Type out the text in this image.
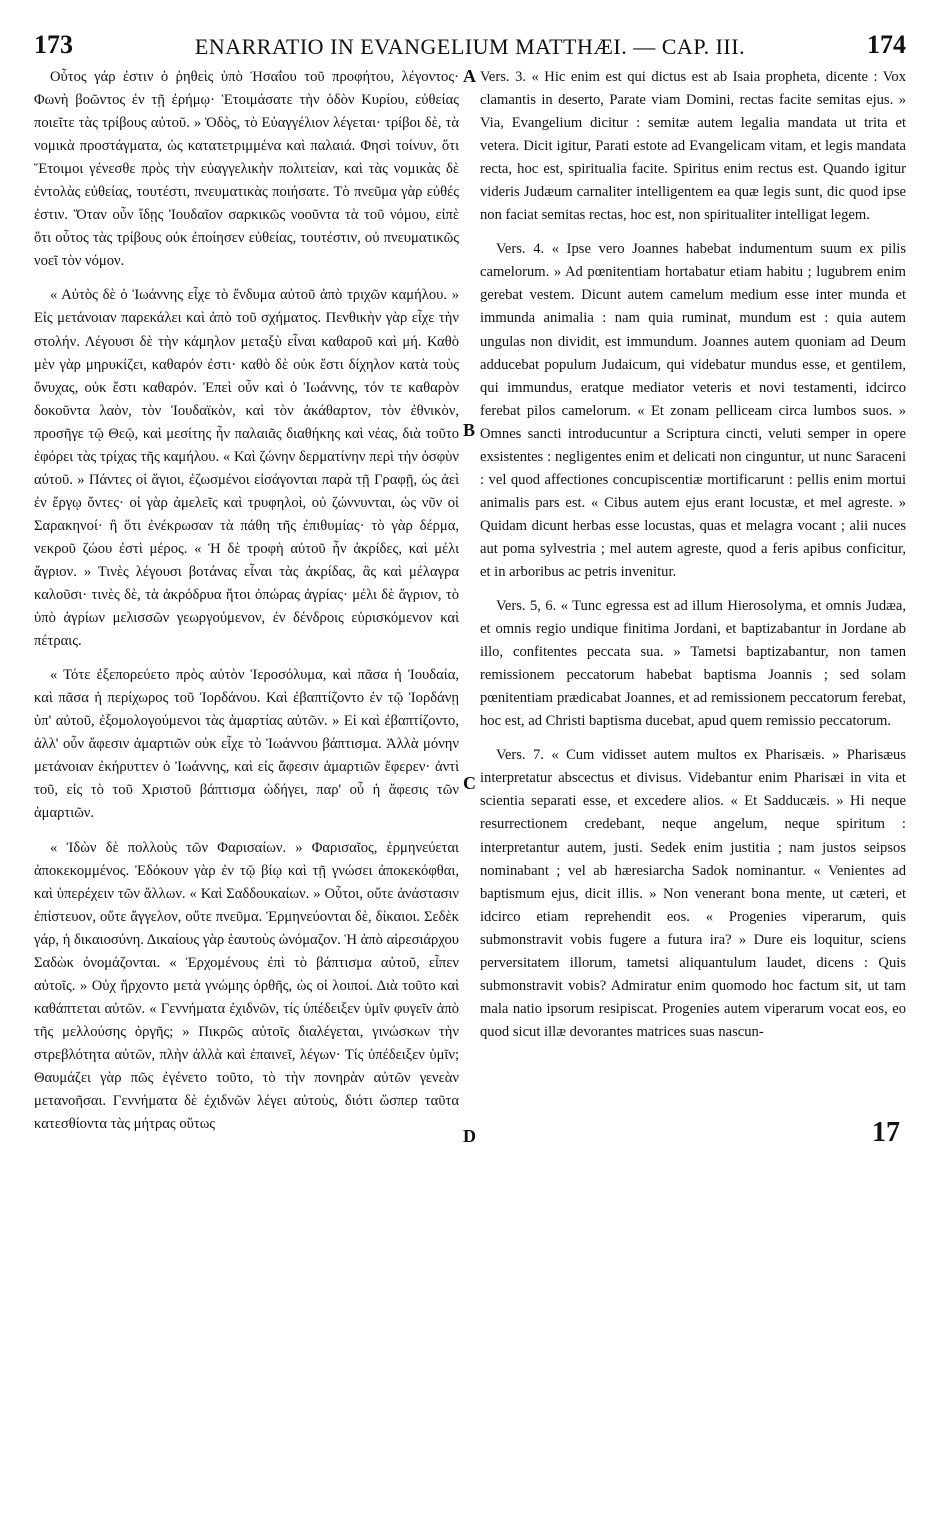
173	ENARRATIO IN EVANGELIUM MATTHÆI. — CAP. III.	174

Οὗτος γάρ ἐστιν ὁ ῥηθεὶς ὑπὸ Ἡσαΐου τοῦ προφήτου, λέγοντος· Φωνὴ βοῶντος ἐν τῇ ἐρήμῳ· Ἑτοιμάσατε τὴν ὁδὸν Κυρίου, εὐθείας ποιεῖτε τὰς τρίβους αὐτοῦ. » Ὁδὸς, τὸ Εὐαγγέλιον λέγεται· τρίβοι δὲ, τὰ νομικὰ προστάγματα, ὡς κατατετριμμένα καὶ παλαιά. Φησὶ τοίνυν, ὅτι Ἕτοιμοι γένεσθε πρὸς τὴν εὐαγγελικὴν πολιτείαν, καὶ τὰς νομικὰς δὲ ἐντολὰς εὐθείας, τουτέστι, πνευματικὰς ποιήσατε. Τὸ πνεῦμα γὰρ εὐθές ἐστιν. Ὅταν οὖν ἴδῃς Ἰουδαῖον σαρκικῶς νοοῦντα τὰ τοῦ νόμου, εἰπὲ ὅτι οὗτος τὰς τρίβους οὐκ ἐποίησεν εὐθείας, τουτέστιν, οὐ πνευματικῶς νοεῖ τὸν νόμον.

« Αὐτὸς δὲ ὁ Ἰωάννης εἶχε τὸ ἔνδυμα αὐτοῦ ἀπὸ τριχῶν καμήλου. » Εἰς μετάνοιαν παρεκάλει καὶ ἀπὸ τοῦ σχήματος. Πενθικὴν γὰρ εἶχε τὴν στολήν. Λέγουσι δὲ τὴν κάμηλον μεταξὺ εἶναι καθαροῦ καὶ μή. Καθὸ μὲν γὰρ μηρυκίζει, καθαρόν ἐστι· καθὸ δὲ οὐκ ἔστι δίχηλον κατὰ τοὺς ὄνυχας, οὐκ ἔστι καθαρόν. Ἐπεὶ οὖν καὶ ὁ Ἰωάννης, τόν τε καθαρὸν δοκοῦντα λαὸν, τὸν Ἰουδαϊκὸν, καὶ τὸν ἀκάθαρτον, τὸν ἐθνικὸν, προσῆγε τῷ Θεῷ, καὶ μεσίτης ἦν παλαιᾶς διαθήκης καὶ νέας, διὰ τοῦτο ἐφόρει τὰς τρίχας τῆς καμήλου. « Καὶ ζώνην δερματίνην περὶ τὴν ὀσφὺν αὐτοῦ. » Πάντες οἱ ἅγιοι, ἐζωσμένοι εἰσάγονται παρὰ τῇ Γραφῇ, ὡς ἀεὶ ἐν ἔργῳ ὄντες· οἱ γὰρ ἀμελεῖς καὶ τρυφηλοὶ, οὐ ζώννυνται, ὡς νῦν οἱ Σαρακηνοί· ἢ ὅτι ἐνέκρωσαν τὰ πάθη τῆς ἐπιθυμίας· τὸ γὰρ δέρμα, νεκροῦ ζώου ἐστὶ μέρος. « Ἡ δὲ τροφὴ αὐτοῦ ἦν ἀκρίδες, καὶ μέλι ἄγριον. » Τινὲς λέγουσι βοτάνας εἶναι τὰς ἀκρίδας, ἃς καὶ μέλαγρα καλοῦσι· τινὲς δὲ, τὰ ἀκρόδρυα ἤτοι ὀπώρας ἀγρίας· μέλι δὲ ἄγριον, τὸ ὑπὸ ἀγρίων μελισσῶν γεωργούμενον, ἐν δένδροις εὑρισκόμενον καὶ πέτραις.

« Τότε ἐξεπορεύετο πρὸς αὐτὸν Ἱεροσόλυμα, καὶ πᾶσα ἡ Ἰουδαία, καὶ πᾶσα ἡ περίχωρος τοῦ Ἰορδάνου. Καὶ ἐβαπτίζοντο ἐν τῷ Ἰορδάνῃ ὑπ' αὐτοῦ, ἐξομολογούμενοι τὰς ἁμαρτίας αὐτῶν. » Εἰ καὶ ἐβαπτίζοντο, ἀλλ' οὖν ἄφεσιν ἁμαρτιῶν οὐκ εἶχε τὸ Ἰωάννου βάπτισμα. Ἀλλὰ μόνην μετάνοιαν ἐκήρυττεν ὁ Ἰωάννης, καὶ εἰς ἄφεσιν ἁμαρτιῶν ἔφερεν· ἀντὶ τοῦ, εἰς τὸ τοῦ Χριστοῦ βάπτισμα ὡδήγει, παρ' οὗ ἡ ἄφεσις τῶν ἁμαρτιῶν.

« Ἰδὼν δὲ πολλοὺς τῶν Φαρισαίων. » Φαρισαῖος, ἑρμηνεύεται ἀποκεκομμένος. Ἐδόκουν γὰρ ἐν τῷ βίῳ καὶ τῇ γνώσει ἀποκεκόφθαι, καὶ ὑπερέχειν τῶν ἄλλων. « Καὶ Σαδδουκαίων. » Οὗτοι, οὔτε ἀνάστασιν ἐπίστευον, οὔτε ἄγγελον, οὔτε πνεῦμα. Ἑρμηνεύονται δὲ, δίκαιοι. Σεδὲκ γάρ, ἡ δικαιοσύνη. Δικαίους γὰρ ἑαυτοὺς ὠνόμαζον. Ἡ ἀπὸ αἱρεσιάρχου Σαδὼκ ὀνομάζονται. « Ἐρχομένους ἐπὶ τὸ βάπτισμα αὐτοῦ, εἶπεν αὐτοῖς. » Οὐχ ἤρχοντο μετὰ γνώμης ὀρθῆς, ὡς οἱ λοιποί. Διὰ τοῦτο καὶ καθάπτεται αὐτῶν. « Γεννήματα ἐχιδνῶν, τίς ὑπέδειξεν ὑμῖν φυγεῖν ἀπὸ τῆς μελλούσης ὀργῆς; » Πικρῶς αὐτοῖς διαλέγεται, γινώσκων τὴν στρεβλότητα αὐτῶν, πλὴν ἀλλὰ καὶ ἐπαινεῖ, λέγων· Τίς ὑπέδειξεν ὑμῖν; Θαυμάζει γὰρ πῶς ἐγένετο τοῦτο, τὸ τὴν πονηρὰν αὐτῶν γενεὰν μετανοῆσαι. Γεννήματα δὲ ἐχιδνῶν λέγει αὐτοὺς, διότι ὥσπερ ταῦτα κατεσθίοντα τὰς μήτρας οὕτως

A
B
C
D

Vers. 3. « Hic enim est qui dictus est ab Isaia propheta, dicente : Vox clamantis in deserto, Parate viam Domini, rectas facite semitas ejus. » Via, Evangelium dicitur : semitæ autem legalia mandata ut trita et vetera. Dicit igitur, Parati estote ad Evangelicam vitam, et legis mandata recta, hoc est, spiritualia facite. Spiritus enim rectus est. Quando igitur videris Judæum carnaliter intelligentem ea quæ legis sunt, dic quod ipse non faciat semitas rectas, hoc est, non spiritualiter intelligat legem.

Vers. 4. « Ipse vero Joannes habebat indumentum suum ex pilis camelorum. » Ad pœnitentiam hortabatur etiam habitu ; lugubrem enim gerebat vestem. Dicunt autem camelum medium esse inter munda et immunda animalia : nam quia ruminat, mundum est : quia autem ungulas non dividit, est immundum. Joannes autem quoniam ad Deum adducebat populum Judaicum, qui videbatur mundus esse, et gentilem, qui immundus, eratque mediator veteris et novi testamenti, idcirco ferebat pilos camelorum. « Et zonam pelliceam circa lumbos suos. » Omnes sancti introducuntur a Scriptura cincti, veluti semper in opere exsistentes : negligentes enim et delicati non cinguntur, ut nunc Saraceni : vel quod affectiones concupiscentiæ mortificarunt : pellis enim mortui animalis pars est. « Cibus autem ejus erant locustæ, et mel agreste. » Quidam dicunt herbas esse locustas, quas et melagra vocant ; alii nuces aut poma sylvestria ; mel autem agreste, quod a feris apibus conficitur, et in arboribus ac petris invenitur.

Vers. 5, 6. « Tunc egressa est ad illum Hierosolyma, et omnis Judæa, et omnis regio undique finitima Jordani, et baptizabantur in Jordane ab illo, confitentes peccata sua. » Tametsi baptizabantur, non tamen remissionem peccatorum habebat baptisma Joannis ; sed solam pœnitentiam prædicabat Joannes, et ad remissionem peccatorum ferebat, hoc est, ad Christi baptisma ducebat, apud quem remissio peccatorum.

Vers. 7. « Cum vidisset autem multos ex Pharisæis. » Pharisæus interpretatur abscectus et divisus. Videbantur enim Pharisæi in vita et scientia separati esse, et excedere alios. « Et Sadducæis. » Hi neque resurrectionem credebant, neque angelum, neque spiritum : interpretantur autem, justi. Sedek enim justitia ; nam justos seipsos nominabant ; vel ab hæresiarcha Sadok nominantur. « Venientes ad baptismum ejus, dicit illis. » Non venerant bona mente, ut cæteri, et idcirco etiam reprehendit eos. « Progenies viperarum, quis submonstravit vobis fugere a futura ira? » Dure eis loquitur, sciens perversitatem illorum, tametsi aliquantulum laudet, dicens : Quis submonstravit vobis? Admiratur enim quomodo hoc factum sit, ut tam mala natio ipsorum resipiscat. Progenies autem viperarum vocat eos, eo quod sicut illæ devorantes matrices suas nascun-

17
